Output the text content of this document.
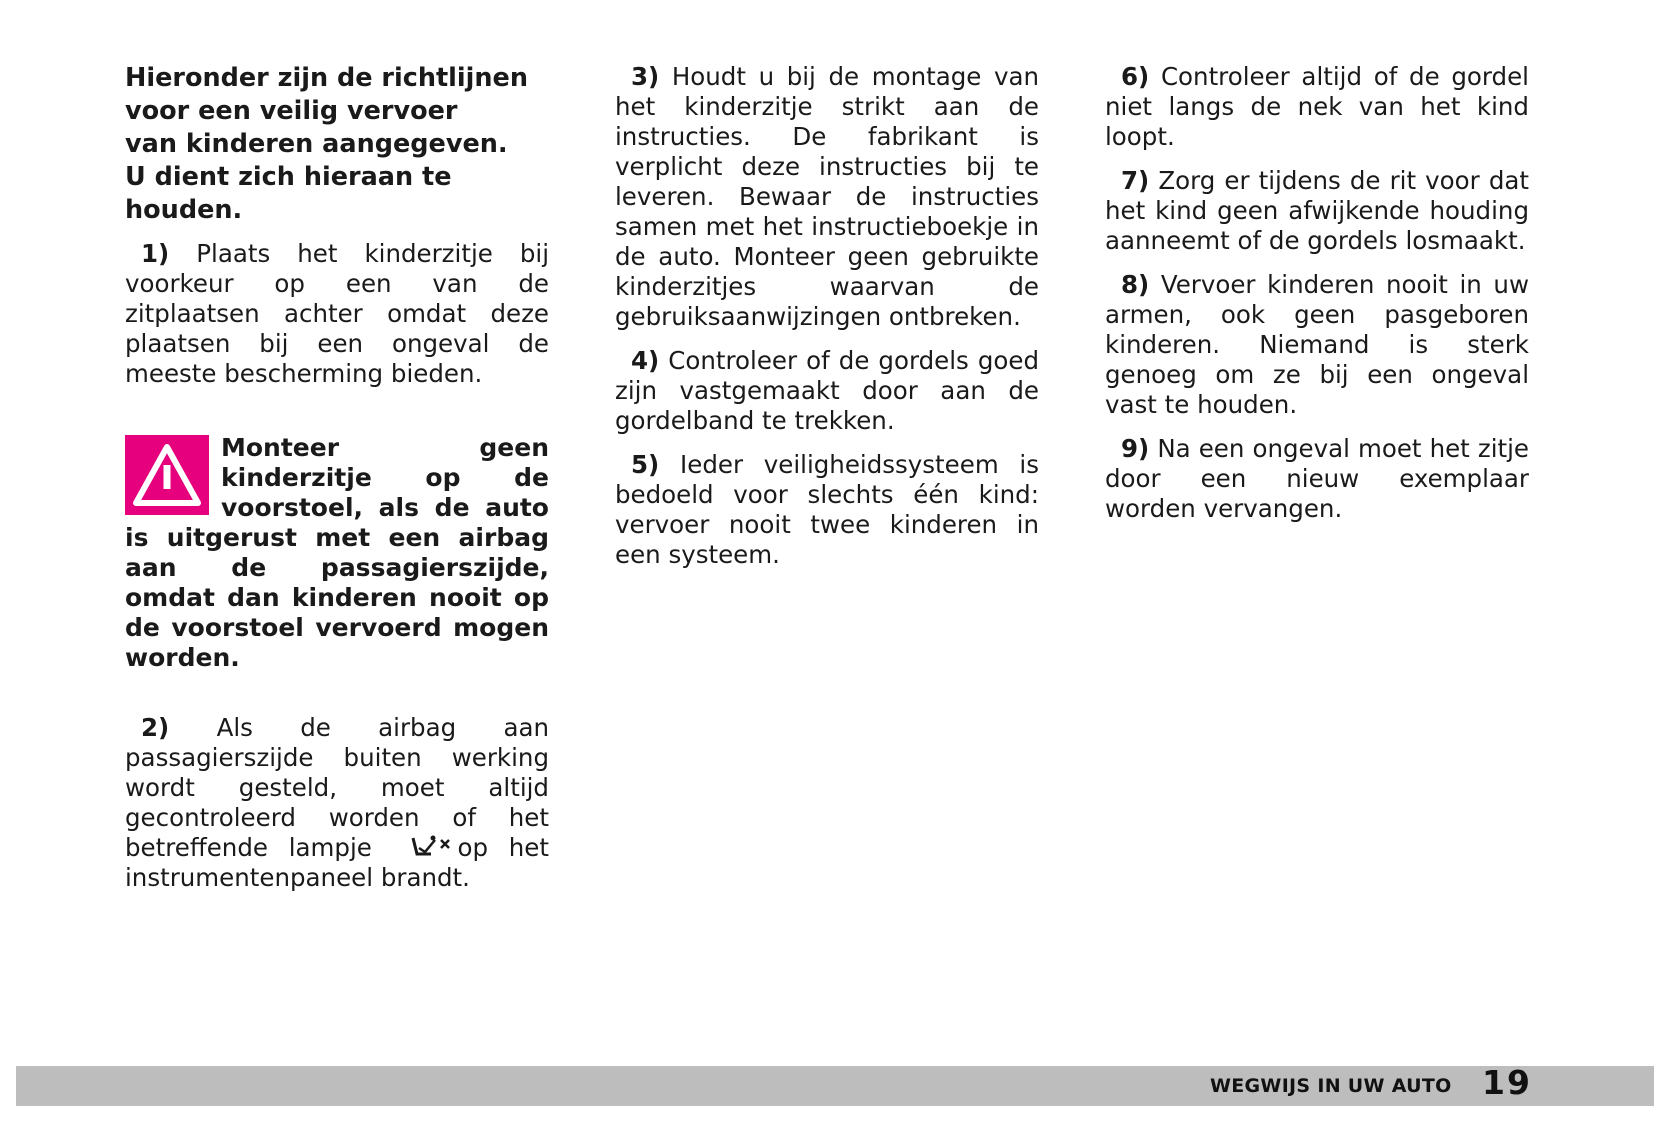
Hieronder zijn de richtlijnen
voor een veilig vervoer
van kinderen aangegeven.
U dient zich hieraan te houden.

1) Plaats het kinderzitje bij voorkeur op een van de zitplaatsen achter omdat deze plaatsen bij een ongeval de meeste bescherming bieden.

Monteer geen kinderzitje op de voorstoel, als de auto is uitgerust met een airbag aan de passagierszijde, omdat dan kinderen nooit op de voorstoel vervoerd mogen worden.

2) Als de airbag aan passagierszijde buiten werking wordt gesteld, moet altijd gecontroleerd worden of het betreffende lampje	op het instrumentenpaneel brandt.

3) Houdt u bij de montage van het kinderzitje strikt aan de instructies. De fabrikant is verplicht deze instructies bij te leveren. Bewaar de instructies samen met het instructieboekje in de auto. Monteer geen gebruikte kinderzitjes waarvan de gebruiksaanwijzingen ontbreken.

4) Controleer of de gordels goed zijn vastgemaakt door aan de gordelband te trekken.

5) Ieder veiligheidssysteem is bedoeld voor slechts één kind: vervoer nooit twee kinderen in een systeem.

6) Controleer altijd of de gordel niet langs de nek van het kind loopt.

7) Zorg er tijdens de rit voor dat het kind geen afwijkende houding aanneemt of de gordels losmaakt.

8) Vervoer kinderen nooit in uw armen, ook geen pasgeboren kinderen. Niemand is sterk genoeg om ze bij een ongeval vast te houden.

9) Na een ongeval moet het zitje door een nieuw exemplaar worden vervangen.

WEGWIJS IN UW AUTO 19
